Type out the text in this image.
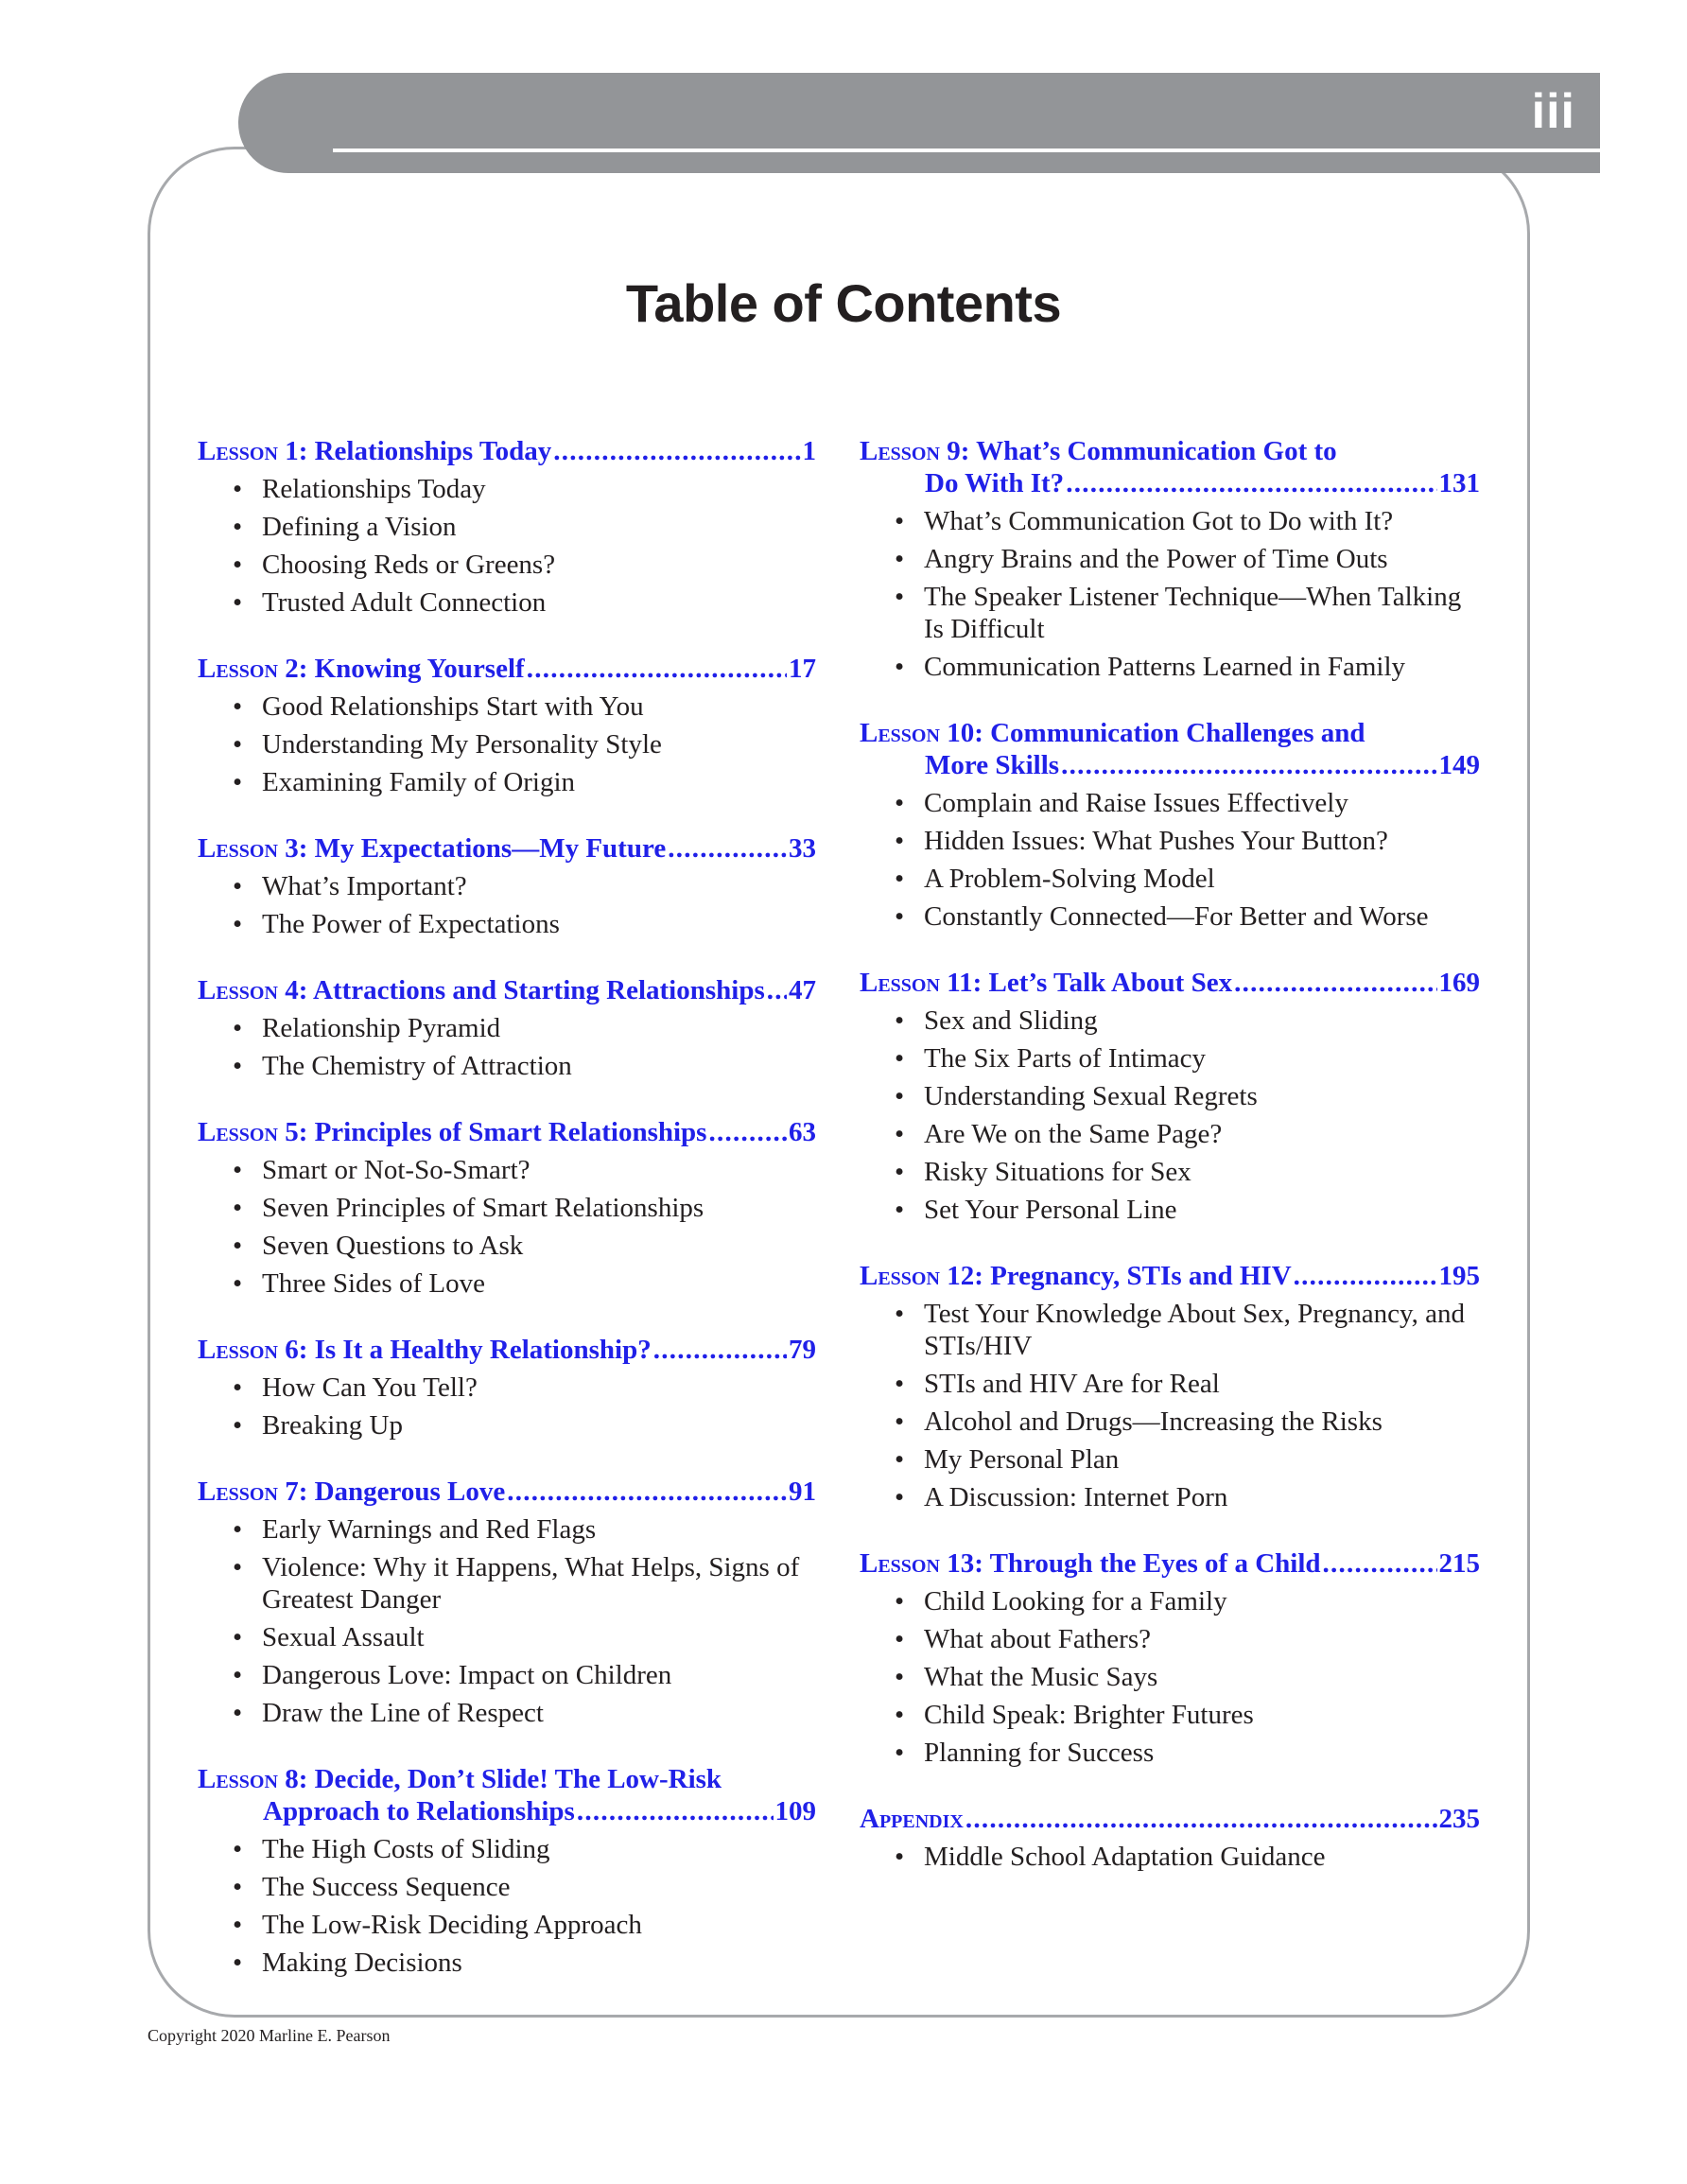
iii
Table of Contents
Lesson 1: Relationships Today . . .	1
• Relationships Today
• Defining a Vision
• Choosing Reds or Greens?
• Trusted Adult Connection
Lesson 2: Knowing Yourself . . .	17
• Good Relationships Start with You
• Understanding My Personality Style
• Examining Family of Origin
Lesson 3: My Expectations—My Future . . .	33
• What’s Important?
• The Power of Expectations
Lesson 4: Attractions and Starting Relationships . . . 47
• Relationship Pyramid
• The Chemistry of Attraction
Lesson 5: Principles of Smart Relationships . . .	63
• Smart or Not-So-Smart?
• Seven Principles of Smart Relationships
• Seven Questions to Ask
• Three Sides of Love
Lesson 6: Is It a Healthy Relationship? . . .	79
• How Can You Tell?
• Breaking Up
Lesson 7: Dangerous Love . . .	91
• Early Warnings and Red Flags
• Violence: Why it Happens, What Helps, Signs of Greatest Danger
• Sexual Assault
• Dangerous Love: Impact on Children
• Draw the Line of Respect
Lesson 8: Decide, Don’t Slide! The Low-Risk
Approach to Relationships . . .	109
• The High Costs of Sliding
• The Success Sequence
• The Low-Risk Deciding Approach
• Making Decisions
Lesson 9: What’s Communication Got to
Do With It? . . .	131
• What’s Communication Got to Do with It?
• Angry Brains and the Power of Time Outs
• The Speaker Listener Technique—When Talking Is Difficult
• Communication Patterns Learned in Family
Lesson 10: Communication Challenges and
More Skills . . .	149
• Complain and Raise Issues Effectively
• Hidden Issues: What Pushes Your Button?
• A Problem-Solving Model
• Constantly Connected—For Better and Worse
Lesson 11: Let’s Talk About Sex . . .	169
• Sex and Sliding
• The Six Parts of Intimacy
• Understanding Sexual Regrets
• Are We on the Same Page?
• Risky Situations for Sex
• Set Your Personal Line
Lesson 12: Pregnancy, STIs and HIV . . .	195
• Test Your Knowledge About Sex, Pregnancy, and STIs/HIV
• STIs and HIV Are for Real
• Alcohol and Drugs—Increasing the Risks
• My Personal Plan
• A Discussion: Internet Porn
Lesson 13: Through the Eyes of a Child . . .	215
• Child Looking for a Family
• What about Fathers?
• What the Music Says
• Child Speak: Brighter Futures
• Planning for Success
Appendix . . .	235
• Middle School Adaptation Guidance
Copyright 2020 Marline E. Pearson
